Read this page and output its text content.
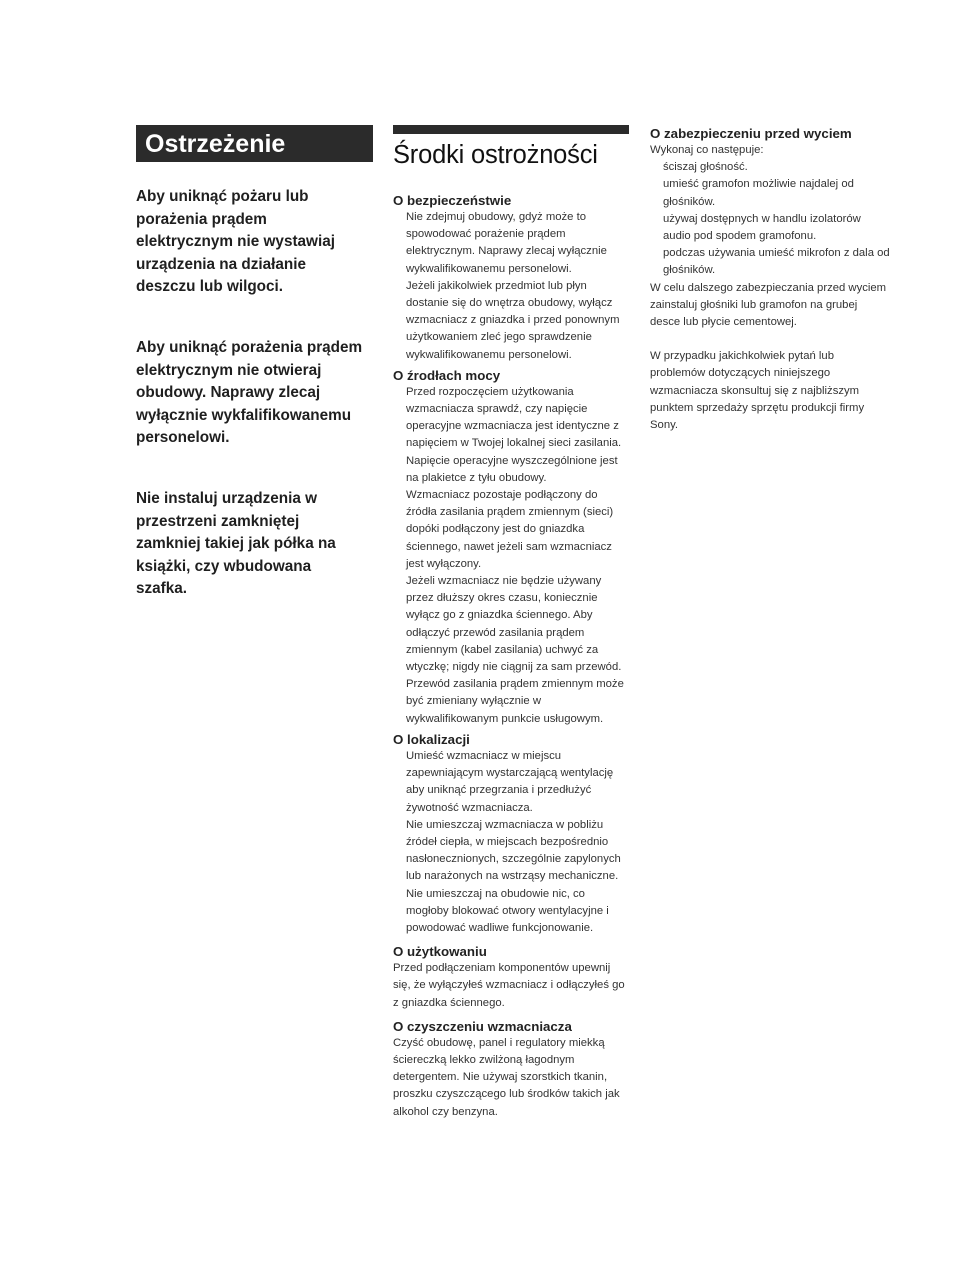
Ostrzeżenie

Aby uniknąć pożaru lub porażenia prądem elektrycznym nie wystawiaj urządzenia na działanie deszczu lub wilgoci.

Aby uniknąć porażenia prądem elektrycznym nie otwieraj obudowy. Naprawy zlecaj wyłącznie wykfalifikowanemu personelowi.

Nie instaluj urządzenia w przestrzeni zamkniętej zamkniej takiej jak półka na książki, czy wbudowana szafka.

Środki ostrożności
O bezpieczeństwie

Nie zdejmuj obudowy, gdyż może to spowodować porażenie prądem elektrycznym. Naprawy zlecaj wyłącznie wykwalifikowanemu personelowi.

Jeżeli jakikolwiek przedmiot lub płyn dostanie się do wnętrza obudowy, wyłącz wzmacniacz z gniazdka i przed ponownym użytkowaniem zleć jego sprawdzenie wykwalifikowanemu personelowi.

O źrodłach mocy

Przed rozpoczęciem użytkowania wzmacniacza sprawdź, czy napięcie operacyjne wzmacniacza jest identyczne z napięciem w Twojej lokalnej sieci zasilania. Napięcie operacyjne wyszczególnione jest na plakietce z tyłu obudowy.

Wzmacniacz pozostaje podłączony do źródła zasilania prądem zmiennym (sieci) dopóki podłączony jest do gniazdka ściennego, nawet jeżeli sam wzmacniacz jest wyłączony.

Jeżeli wzmacniacz nie będzie używany przez dłuższy okres czasu, koniecznie wyłącz go z gniazdka ściennego. Aby odłączyć przewód zasilania prądem zmiennym (kabel zasilania) uchwyć za wtyczkę; nigdy nie ciągnij za sam przewód.

Przewód zasilania prądem zmiennym może być zmieniany wyłącznie w wykwalifikowanym punkcie usługowym.

O lokalizacji

Umieść wzmacniacz w miejscu zapewniającym wystarczającą wentylację aby uniknąć przegrzania i przedłużyć żywotność wzmacniacza.

Nie umieszczaj wzmacniacza w pobliżu źródeł ciepła, w miejscach bezpośrednio nasłonecznionych, szczególnie zapylonych lub narażonych na wstrząsy mechaniczne.

Nie umieszczaj na obudowie nic, co mogłoby blokować otwory wentylacyjne i powodować wadliwe funkcjonowanie.

O użytkowaniu

Przed podłączeniam komponentów upewnij się, że wyłączyłeś wzmacniacz i odłączyłeś go z gniazdka ściennego.

O czyszczeniu wzmacniacza

Czyść obudowę, panel i regulatory miekką ściereczką lekko zwilżoną łagodnym detergentem. Nie używaj szorstkich tkanin, proszku czyszczącego lub środków takich jak alkohol czy benzyna.

O zabezpieczeniu przed wyciem

Wykonaj co następuje:

ściszaj głośność.

umieść gramofon możliwie najdalej od głośników.

używaj dostępnych w handlu izolatorów audio pod spodem gramofonu.

podczas używania umieść mikrofon z dala od głośników.

W celu dalszego zabezpieczania przed wyciem zainstaluj głośniki lub gramofon na grubej desce lub płycie cementowej.

W przypadku jakichkolwiek pytań lub problemów dotyczących niniejszego wzmacniacza skonsultuj się z najbliższym punktem sprzedaży sprzętu produkcji firmy Sony.
